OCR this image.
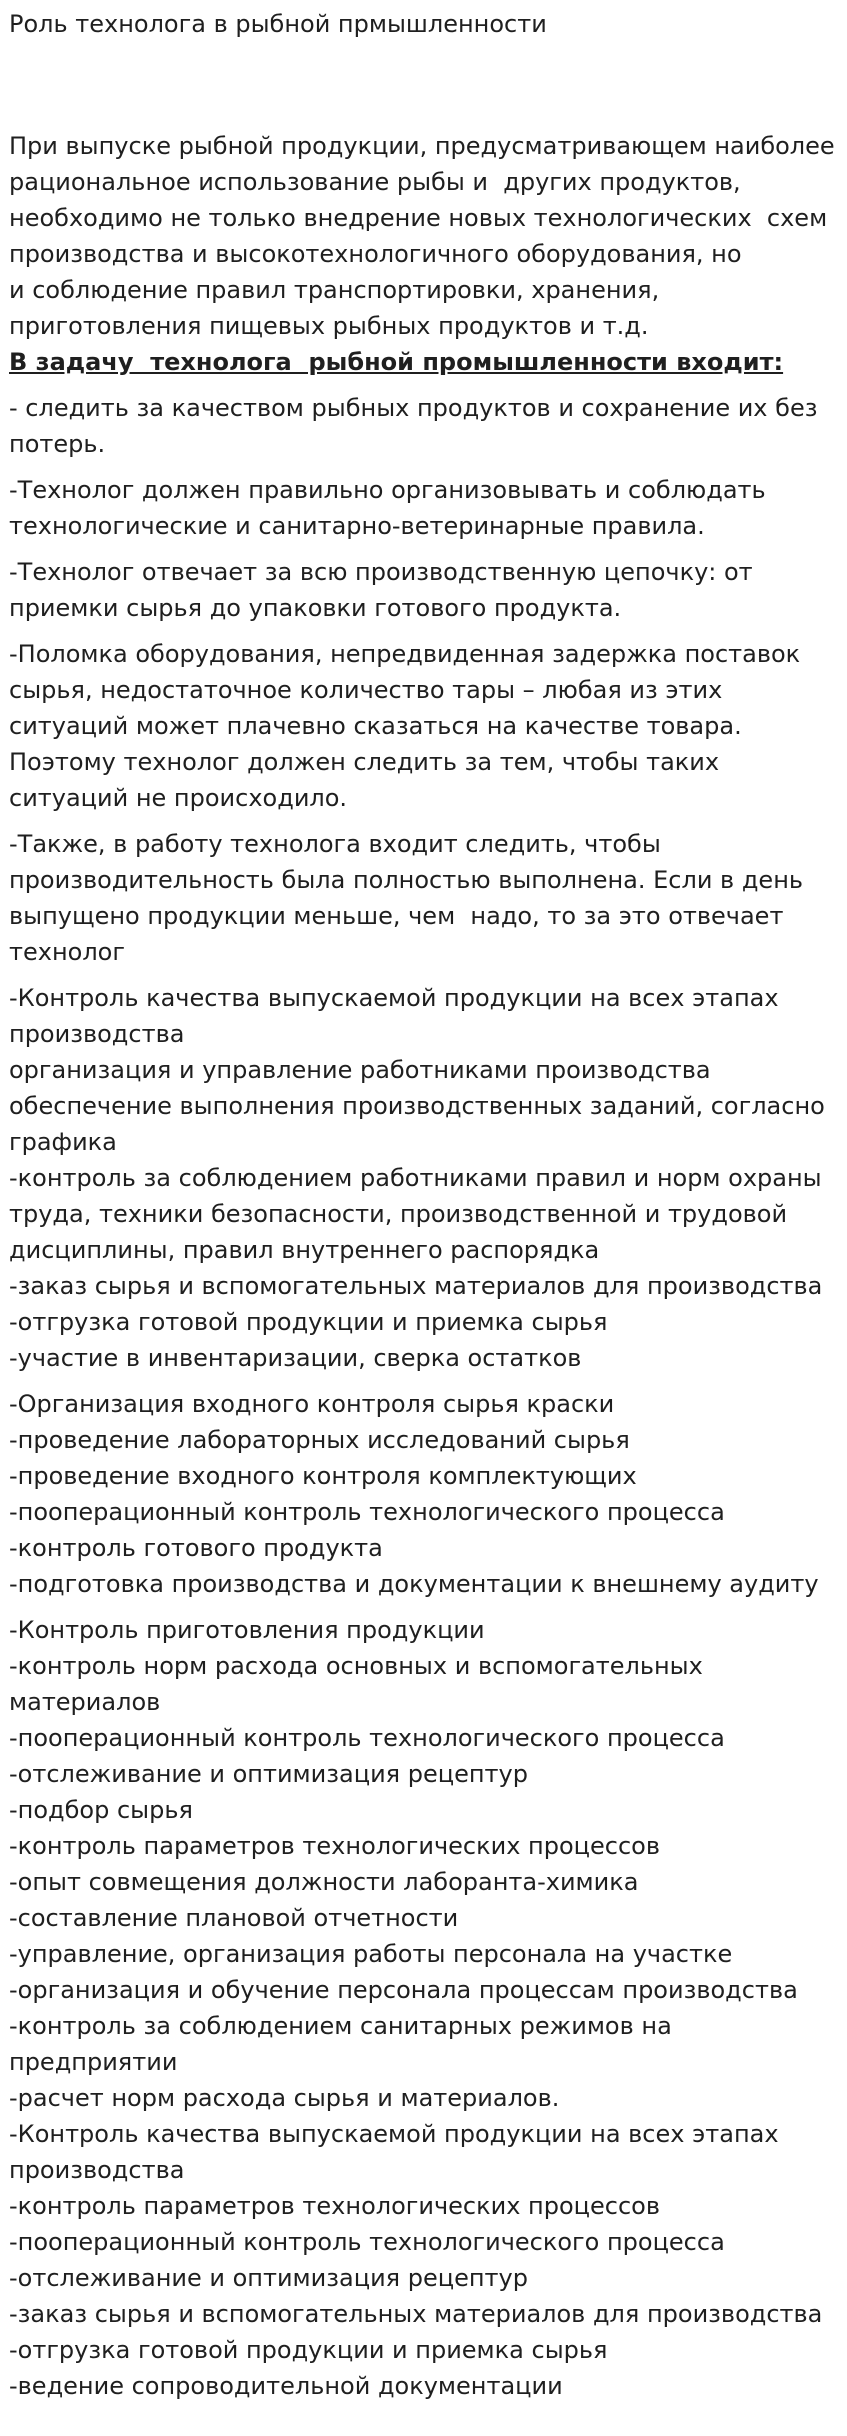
Роль технолога в рыбной прмышленности
При выпуске рыбной продукции, предусматривающем наиболее
рациональное использование рыбы и  других продуктов,
необходимо не только внедрение новых технологических  схем
производства и высокотехнологичного оборудования, но
и соблюдение правил транспортировки, хранения,
приготовления пищевых рыбных продуктов и т.д.
В задачу  технолога  рыбной промышленности входит:
- следить за качеством рыбных продуктов и сохранение их без
потерь.
-Технолог должен правильно организовывать и соблюдать
технологические и санитарно-ветеринарные правила.
-Технолог отвечает за всю производственную цепочку: от
приемки сырья до упаковки готового продукта.
-Поломка оборудования, непредвиденная задержка поставок
сырья, недостаточное количество тары – любая из этих
ситуаций может плачевно сказаться на качестве товара.
Поэтому технолог должен следить за тем, чтобы таких
ситуаций не происходило.
-Также, в работу технолога входит следить, чтобы
производительность была полностью выполнена. Если в день
выпущено продукции меньше, чем  надо, то за это отвечает
технолог
-Контроль качества выпускаемой продукции на всех этапах
производства
организация и управление работниками производства
обеспечение выполнения производственных заданий, согласно
графика
-контроль за соблюдением работниками правил и норм охраны
труда, техники безопасности, производственной и трудовой
дисциплины, правил внутреннего распорядка
-заказ сырья и вспомогательных материалов для производства
-отгрузка готовой продукции и приемка сырья
-участие в инвентаризации, сверка остатков
-Организация входного контроля сырья краски
-проведение лабораторных исследований сырья
-проведение входного контроля комплектующих
-пооперационный контроль технологического процесса
-контроль готового продукта
-подготовка производства и документации к внешнему аудиту
-Контроль приготовления продукции
-контроль норм расхода основных и вспомогательных
материалов
-пооперационный контроль технологического процесса
-отслеживание и оптимизация рецептур
-подбор сырья
-контроль параметров технологических процессов
-опыт совмещения должности лаборанта-химика
-составление плановой отчетности
-управление, организация работы персонала на участке
-организация и обучение персонала процессам производства
-контроль за соблюдением санитарных режимов на
предприятии
-расчет норм расхода сырья и материалов.
-Контроль качества выпускаемой продукции на всех этапах
производства
-контроль параметров технологических процессов
-пооперационный контроль технологического процесса
-отслеживание и оптимизация рецептур
-заказ сырья и вспомогательных материалов для производства
-отгрузка готовой продукции и приемка сырья
-ведение сопроводительной документации
